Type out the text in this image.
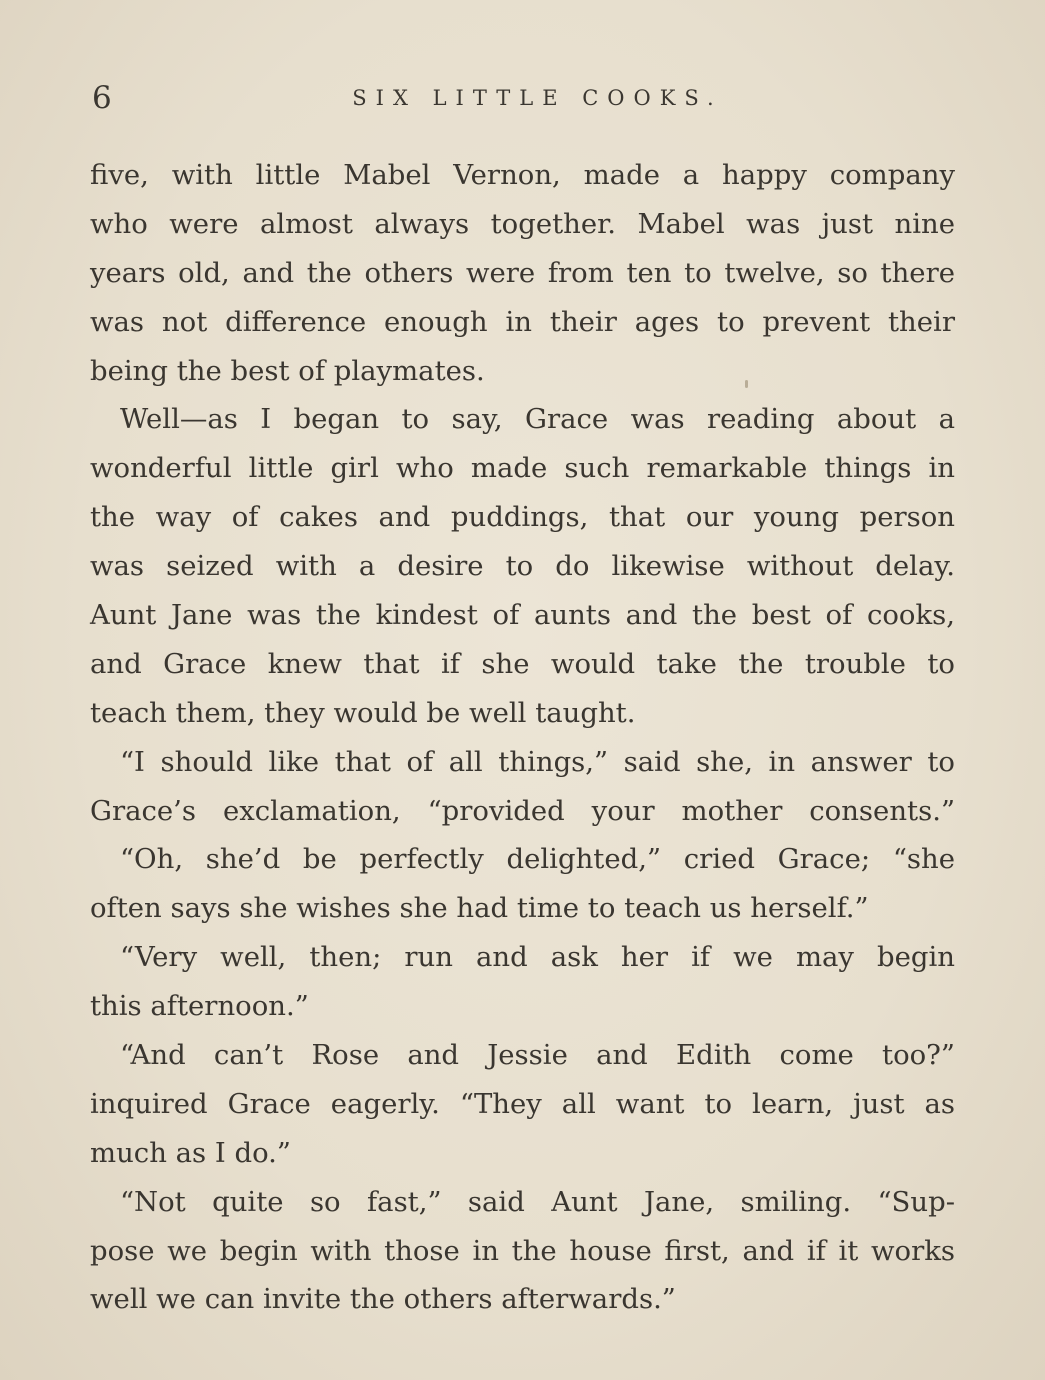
6	SIX LITTLE COOKS.
five, with little Mabel Vernon, made a happy company
who were almost always together. Mabel was just nine
years old, and the others were from ten to twelve, so there
was not difference enough in their ages to prevent their
being the best of playmates.
Well—as I began to say, Grace was reading about a
wonderful little girl who made such remarkable things in
the way of cakes and puddings, that our young person
was seized with a desire to do likewise without delay.
Aunt Jane was the kindest of aunts and the best of cooks,
and Grace knew that if she would take the trouble to
teach them, they would be well taught.
“I should like that of all things,” said she, in answer to
Grace’s exclamation, “provided your mother consents.”
“Oh, she’d be perfectly delighted,” cried Grace; “she
often says she wishes she had time to teach us herself.”
“Very well, then; run and ask her if we may begin
this afternoon.”
“And can’t Rose and Jessie and Edith come too?”
inquired Grace eagerly. “They all want to learn, just as
much as I do.”
“Not quite so fast,” said Aunt Jane, smiling. “Sup-
pose we begin with those in the house first, and if it works
well we can invite the others afterwards.”
